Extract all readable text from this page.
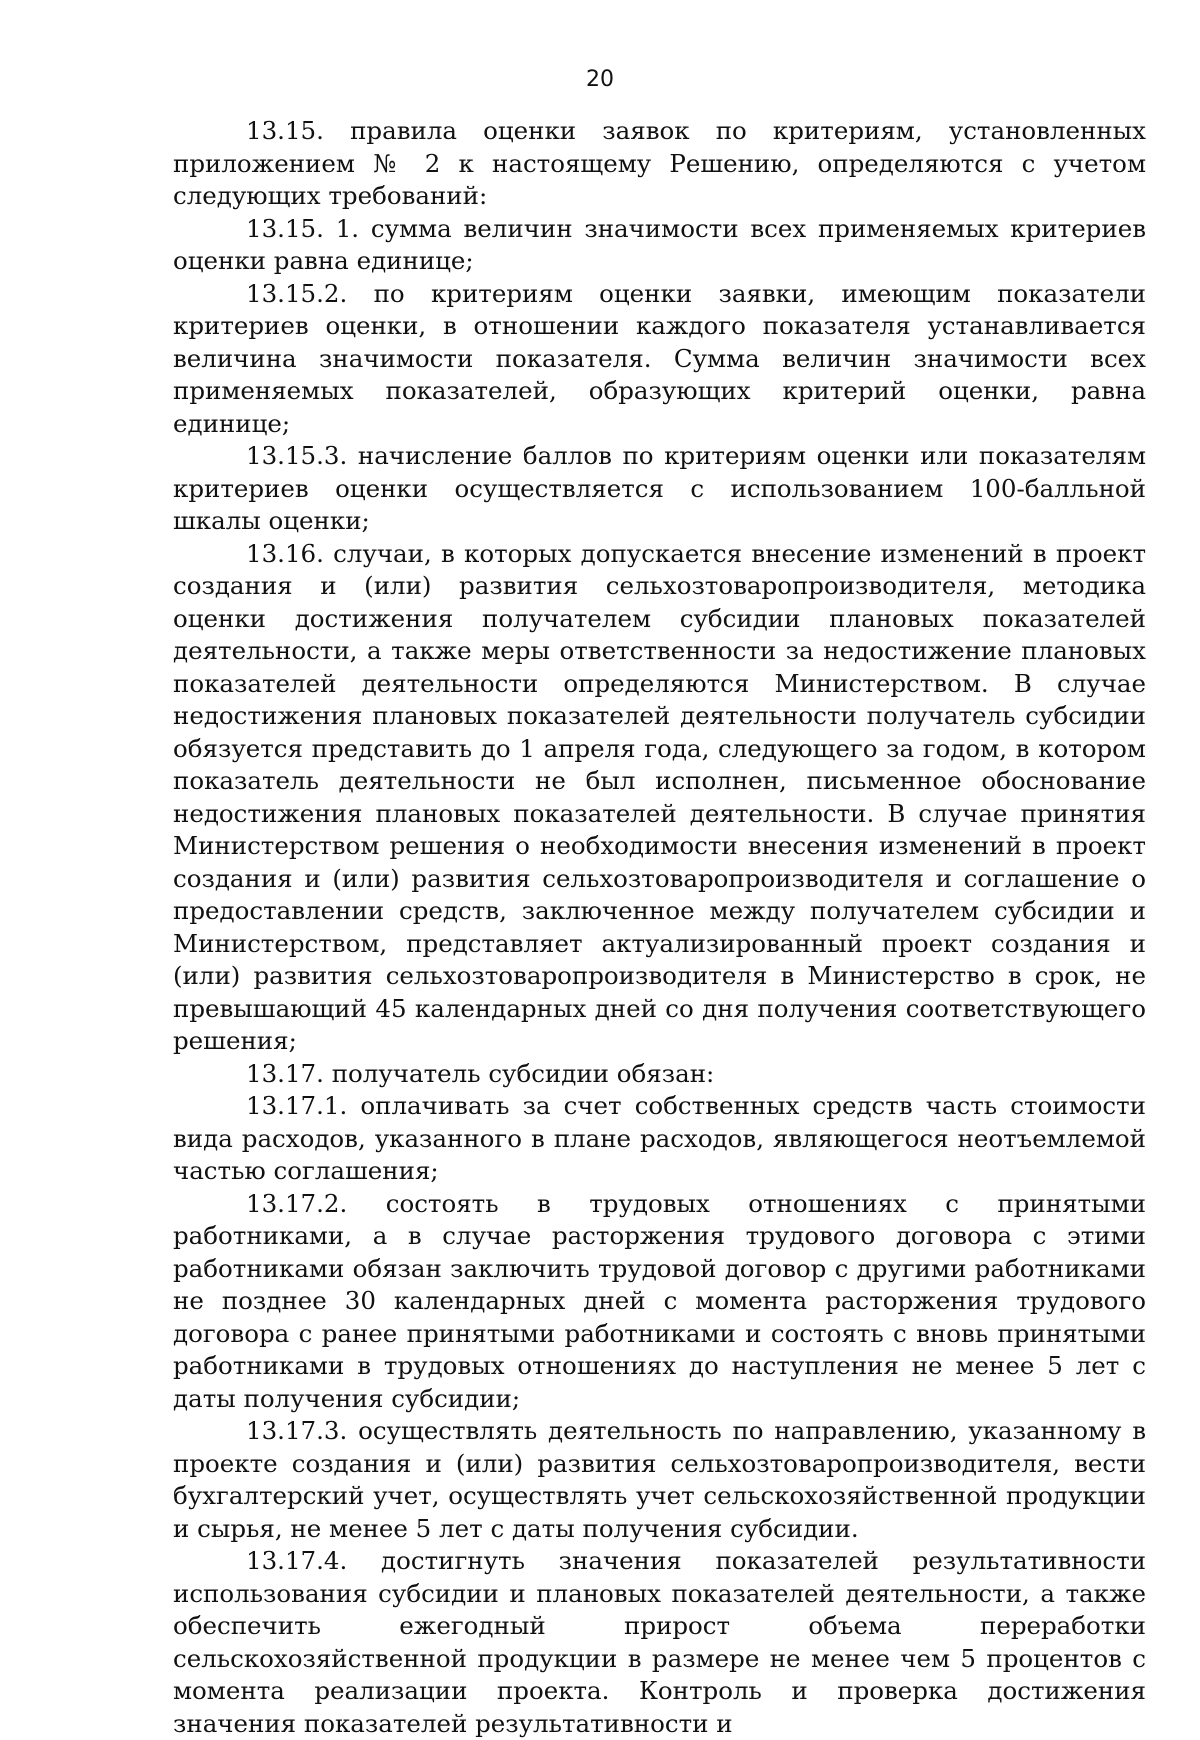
20

13.15. правила оценки заявок по критериям, установленных приложением № 2 к настоящему Решению, определяются с учетом следующих требований:

13.15. 1. сумма величин значимости всех применяемых критериев оценки равна единице;

13.15.2. по критериям оценки заявки, имеющим показатели критериев оценки, в отношении каждого показателя устанавливается величина значимости показателя. Сумма величин значимости всех применяемых показателей, образующих критерий оценки, равна единице;

13.15.3. начисление баллов по критериям оценки или показателям критериев оценки осуществляется с использованием 100-балльной шкалы оценки;

13.16. случаи, в которых допускается внесение изменений в проект создания и (или) развития сельхозтоваропроизводителя, методика оценки достижения получателем субсидии плановых показателей деятельности, а также меры ответственности за недостижение плановых показателей деятельности определяются Министерством. В случае недостижения плановых показателей деятельности получатель субсидии обязуется представить до 1 апреля года, следующего за годом, в котором показатель деятельности не был исполнен, письменное обоснование недостижения плановых показателей деятельности. В случае принятия Министерством решения о необходимости внесения изменений в проект создания и (или) развития сельхозтоваропроизводителя и соглашение о предоставлении средств, заключенное между получателем субсидии и Министерством, представляет актуализированный проект создания и (или) развития сельхозтоваропроизводителя в Министерство в срок, не превышающий 45 календарных дней со дня получения соответствующего решения;

13.17. получатель субсидии обязан:

13.17.1. оплачивать за счет собственных средств часть стоимости вида расходов, указанного в плане расходов, являющегося неотъемлемой частью соглашения;

13.17.2. состоять в трудовых отношениях с принятыми работниками, а в случае расторжения трудового договора с этими работниками обязан заключить трудовой договор с другими работниками не позднее 30 календарных дней с момента расторжения трудового договора с ранее принятыми работниками и состоять с вновь принятыми работниками в трудовых отношениях до наступления не менее 5 лет с даты получения субсидии;

13.17.3. осуществлять деятельность по направлению, указанному в проекте создания и (или) развития сельхозтоваропроизводителя, вести бухгалтерский учет, осуществлять учет сельскохозяйственной продукции и сырья, не менее 5 лет с даты получения субсидии.

13.17.4. достигнуть значения показателей результативности использования субсидии и плановых показателей деятельности, а также обеспечить ежегодный прирост объема переработки сельскохозяйственной продукции в размере не менее чем 5 процентов с момента реализации проекта. Контроль и проверка достижения значения показателей результативности и
